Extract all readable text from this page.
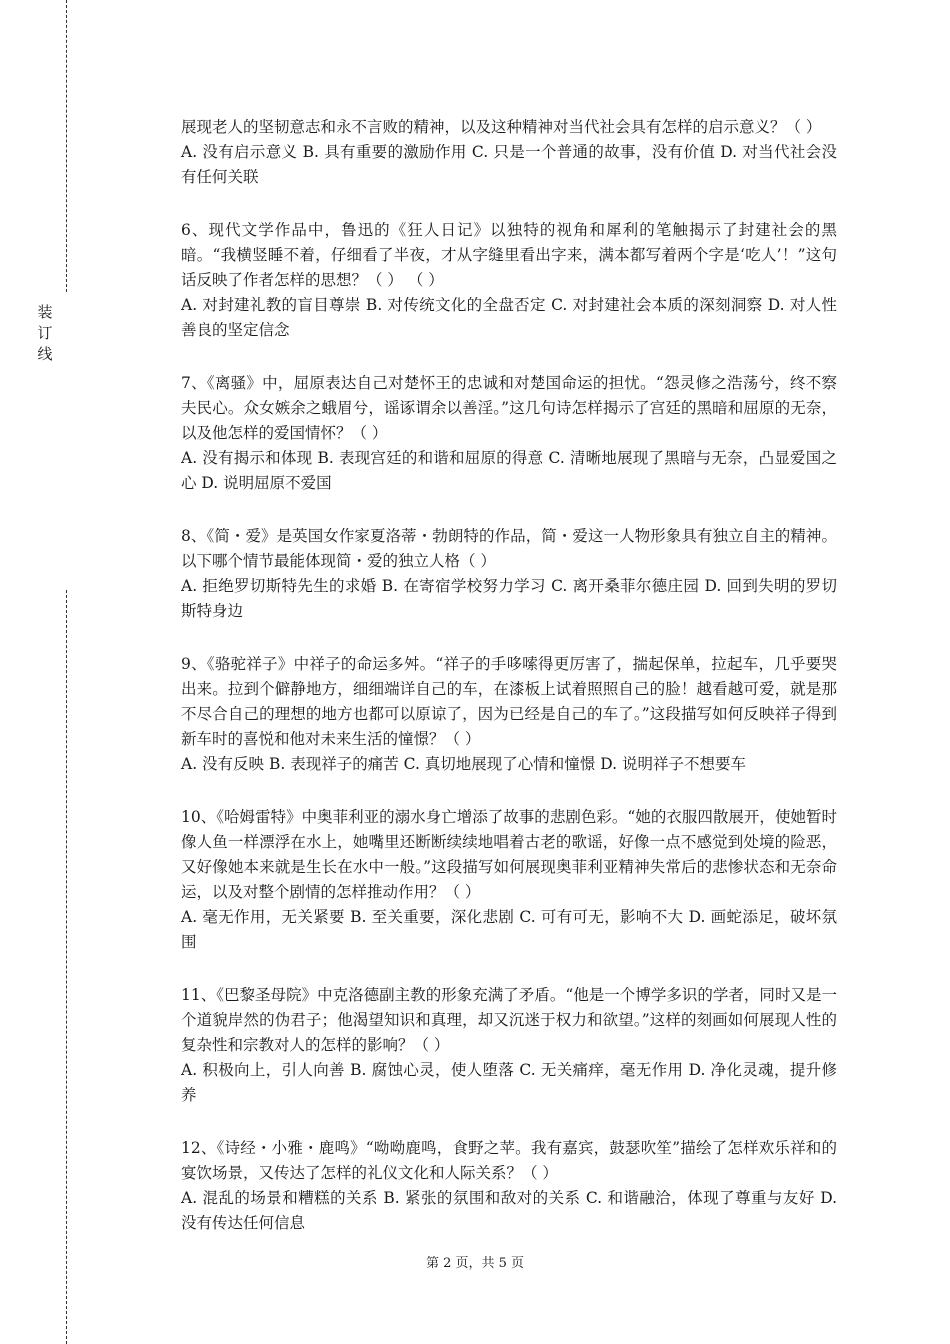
装
订
线

展现老人的坚韧意志和永不言败的精神，以及这种精神对当代社会具有怎样的启示意义？（ ）

A. 没有启示意义 B. 具有重要的激励作用 C. 只是一个普通的故事，没有价值 D. 对当代社会没有任何关联

6、现代文学作品中，鲁迅的《狂人日记》以独特的视角和犀利的笔触揭示了封建社会的黑暗。“我横竖睡不着，仔细看了半夜，才从字缝里看出字来，满本都写着两个字是‘吃人’！”这句话反映了作者怎样的思想？（ ） （ ）

A. 对封建礼教的盲目尊崇 B. 对传统文化的全盘否定 C. 对封建社会本质的深刻洞察 D. 对人性善良的坚定信念

7、《离骚》中，屈原表达自己对楚怀王的忠诚和对楚国命运的担忧。“怨灵修之浩荡兮，终不察夫民心。众女嫉余之蛾眉兮，谣诼谓余以善淫。”这几句诗怎样揭示了宫廷的黑暗和屈原的无奈，以及他怎样的爱国情怀？（ ）

A. 没有揭示和体现 B. 表现宫廷的和谐和屈原的得意 C. 清晰地展现了黑暗与无奈，凸显爱国之心 D. 说明屈原不爱国

8、《简・爱》是英国女作家夏洛蒂・勃朗特的作品，简・爱这一人物形象具有独立自主的精神。以下哪个情节最能体现简・爱的独立人格（ ）

A. 拒绝罗切斯特先生的求婚 B. 在寄宿学校努力学习 C. 离开桑菲尔德庄园 D. 回到失明的罗切斯特身边

9、《骆驼祥子》中祥子的命运多舛。“祥子的手哆嗦得更厉害了，揣起保单，拉起车，几乎要哭出来。拉到个僻静地方，细细端详自己的车，在漆板上试着照照自己的脸！越看越可爱，就是那不尽合自己的理想的地方也都可以原谅了，因为已经是自己的车了。”这段描写如何反映祥子得到新车时的喜悦和他对未来生活的憧憬？（ ）

A. 没有反映 B. 表现祥子的痛苦 C. 真切地展现了心情和憧憬 D. 说明祥子不想要车

10、《哈姆雷特》中奥菲利亚的溺水身亡增添了故事的悲剧色彩。“她的衣服四散展开，使她暂时像人鱼一样漂浮在水上，她嘴里还断断续续地唱着古老的歌谣，好像一点不感觉到处境的险恶，又好像她本来就是生长在水中一般。”这段描写如何展现奥菲利亚精神失常后的悲惨状态和无奈命运，以及对整个剧情的怎样推动作用？（ ）

A. 毫无作用，无关紧要 B. 至关重要，深化悲剧 C. 可有可无，影响不大 D. 画蛇添足，破坏氛围

11、《巴黎圣母院》中克洛德副主教的形象充满了矛盾。“他是一个博学多识的学者，同时又是一个道貌岸然的伪君子；他渴望知识和真理，却又沉迷于权力和欲望。”这样的刻画如何展现人性的复杂性和宗教对人的怎样的影响？（ ）

A. 积极向上，引人向善 B. 腐蚀心灵，使人堕落 C. 无关痛痒，毫无作用 D. 净化灵魂，提升修养

12、《诗经・小雅・鹿鸣》“呦呦鹿鸣，食野之苹。我有嘉宾，鼓瑟吹笙”描绘了怎样欢乐祥和的宴饮场景，又传达了怎样的礼仪文化和人际关系？（ ）

A. 混乱的场景和糟糕的关系 B. 紧张的氛围和敌对的关系 C. 和谐融洽，体现了尊重与友好 D. 没有传达任何信息

第 2 页，共 5 页
